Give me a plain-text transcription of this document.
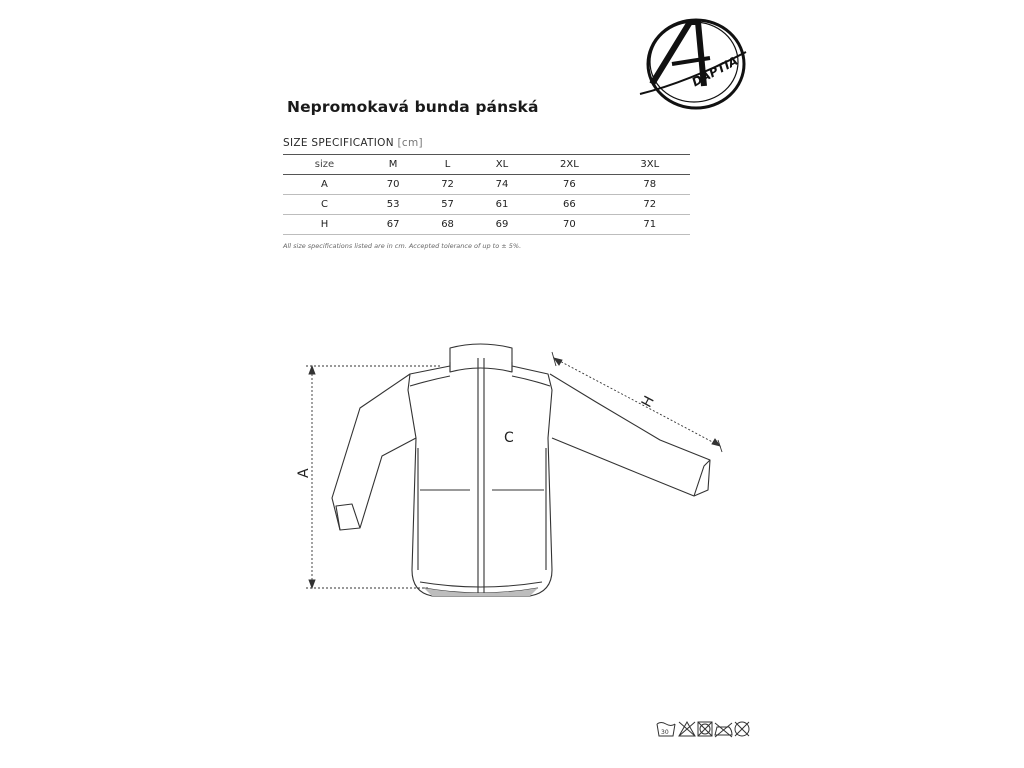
DAPTIA
Nepromokavá bunda pánská
SIZE SPECIFICATION [cm]
size	M	L	XL	2XL	3XL
A	70	72	74	76	78
C	53	57	61	66	72
H	67	68	69	70	71
All size specifications listed are in cm. Accepted tolerance of up to ± 5%.
A
C
H
30
